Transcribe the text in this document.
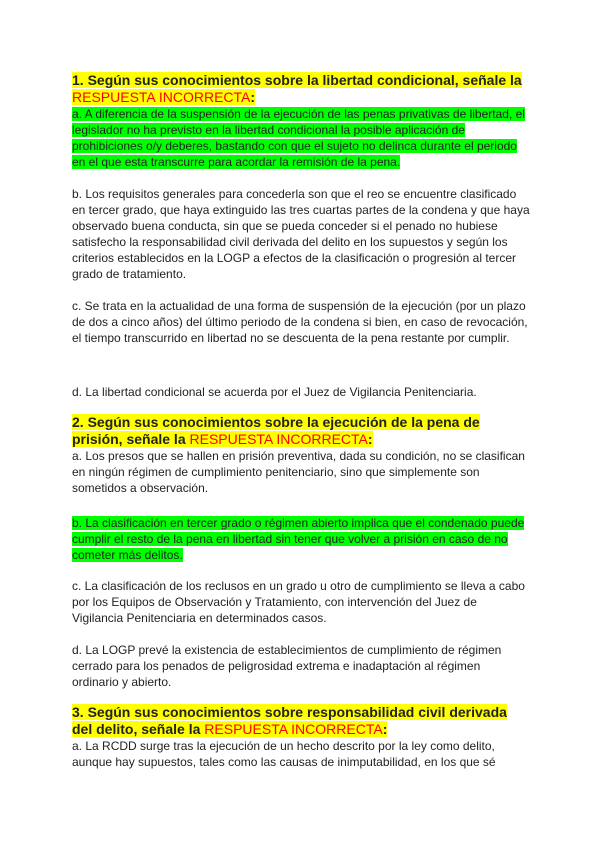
1. Según sus conocimientos sobre la libertad condicional, señale la RESPUESTA INCORRECTA:

a. A diferencia de la suspensión de la ejecución de las penas privativas de libertad, el legislador no ha previsto en la libertad condicional la posible aplicación de prohibiciones o/y deberes, bastando con que el sujeto no delinca durante el periodo en el que esta transcurre para acordar la remisión de la pena.

b. Los requisitos generales para concederla son que el reo se encuentre clasificado en tercer grado, que haya extinguido las tres cuartas partes de la condena y que haya observado buena conducta, sin que se pueda conceder si el penado no hubiese satisfecho la responsabilidad civil derivada del delito en los supuestos y según los criterios establecidos en la LOGP a efectos de la clasificación o progresión al tercer grado de tratamiento.
c. Se trata en la actualidad de una forma de suspensión de la ejecución (por un plazo de dos a cinco años) del último periodo de la condena si bien, en caso de revocación, el tiempo transcurrido en libertad no se descuenta de la pena restante por cumplir.
d. La libertad condicional se acuerda por el Juez de Vigilancia Penitenciaria.
2. Según sus conocimientos sobre la ejecución de la pena de prisión, señale la RESPUESTA INCORRECTA:

a. Los presos que se hallen en prisión preventiva, dada su condición, no se clasifican en ningún régimen de cumplimiento penitenciario, sino que simplemente son sometidos a observación.

b. La clasificación en tercer grado o régimen abierto implica que el condenado puede cumplir el resto de la pena en libertad sin tener que volver a prisión en caso de no cometer más delitos.
c. La clasificación de los reclusos en un grado u otro de cumplimiento se lleva a cabo por los Equipos de Observación y Tratamiento, con intervención del Juez de Vigilancia Penitenciaria en determinados casos.
d. La LOGP prevé la existencia de establecimientos de cumplimiento de régimen cerrado para los penados de peligrosidad extrema e inadaptación al régimen ordinario y abierto.
3. Según sus conocimientos sobre responsabilidad civil derivada del delito, señale la RESPUESTA INCORRECTA:

a. La RCDD surge tras la ejecución de un hecho descrito por la ley como delito, aunque hay supuestos, tales como las causas de inimputabilidad, en los que sé
